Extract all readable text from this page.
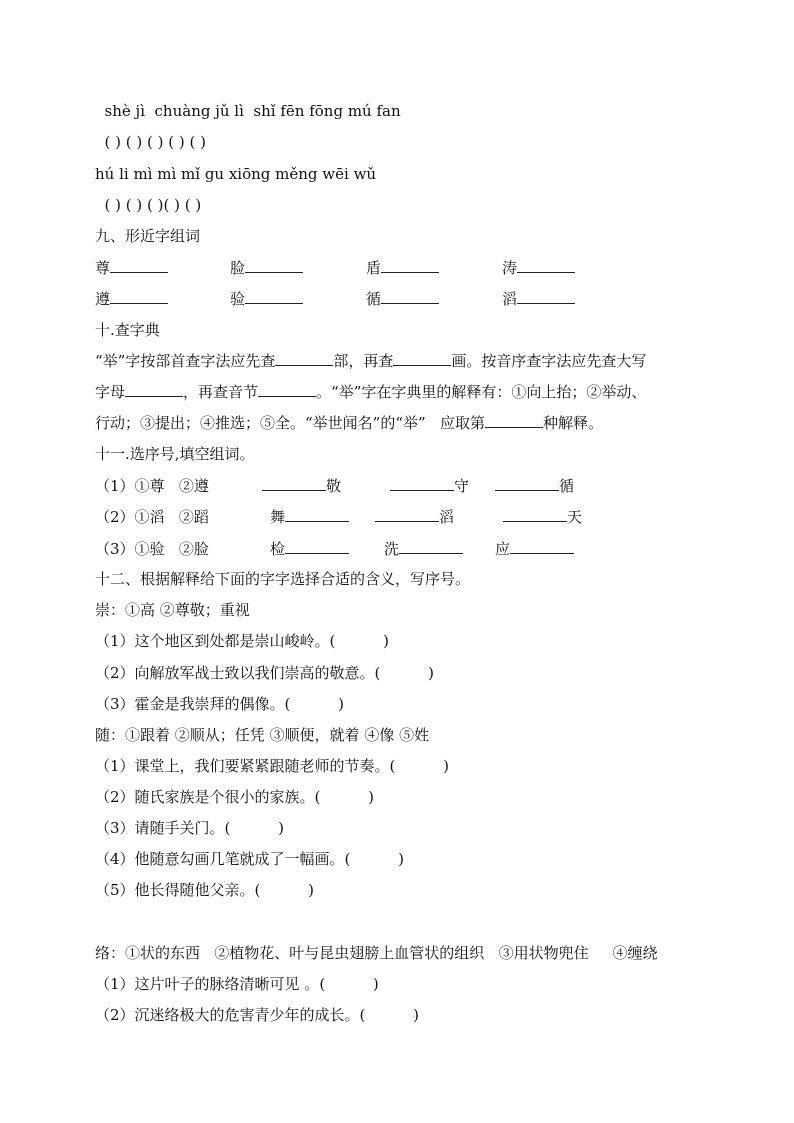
shè jì  chuàng jǔ lì  shǐ fēn fōng mú fan
( ) ( ) ( ) ( ) ( )
hú li mì mì mǐ gu xiōng měng wēi wǔ
( ) ( ) ( )( ) ( )
九、形近字组词
尊	脸	盾	涛
遵	验	循	滔
十.查字典
“举”字按部首查字法应先查	部，再查	画。按音序查字法应先查大写
字母	，再查音节	。“举”字在字典里的解释有：①向上抬；②举动、
行动；③提出；④推选；⑤全。“举世闻名”的“举”   应取第	种解释。
十一.选序号,填空组词。
（1）①尊   ②遵	敬	守	循
（2）①滔   ②蹈	舞	滔	天
（3）①验   ②脸	检	洗	应
十二、根据解释给下面的字字选择合适的含义，写序号。
崇：①高 ②尊敬；重视
（1）这个地区到处都是崇山峻岭。(          )
（2）向解放军战士致以我们崇高的敬意。(          )
（3）霍金是我崇拜的偶像。(          )
随：①跟着 ②顺从；任凭 ③顺便，就着 ④像 ⑤姓
（1）课堂上，我们要紧紧跟随老师的节奏。(          )
（2）随氏家族是个很小的家族。(          )
（3）请随手关门。(          )
（4）他随意勾画几笔就成了一幅画。(          )
（5）他长得随他父亲。(          )
络：①状的东西   ②植物花、叶与昆虫翅膀上血管状的组织   ③用状物兜住     ④缠绕
（1）这片叶子的脉络清晰可见 。(          )
（2）沉迷络极大的危害青少年的成长。(          )
